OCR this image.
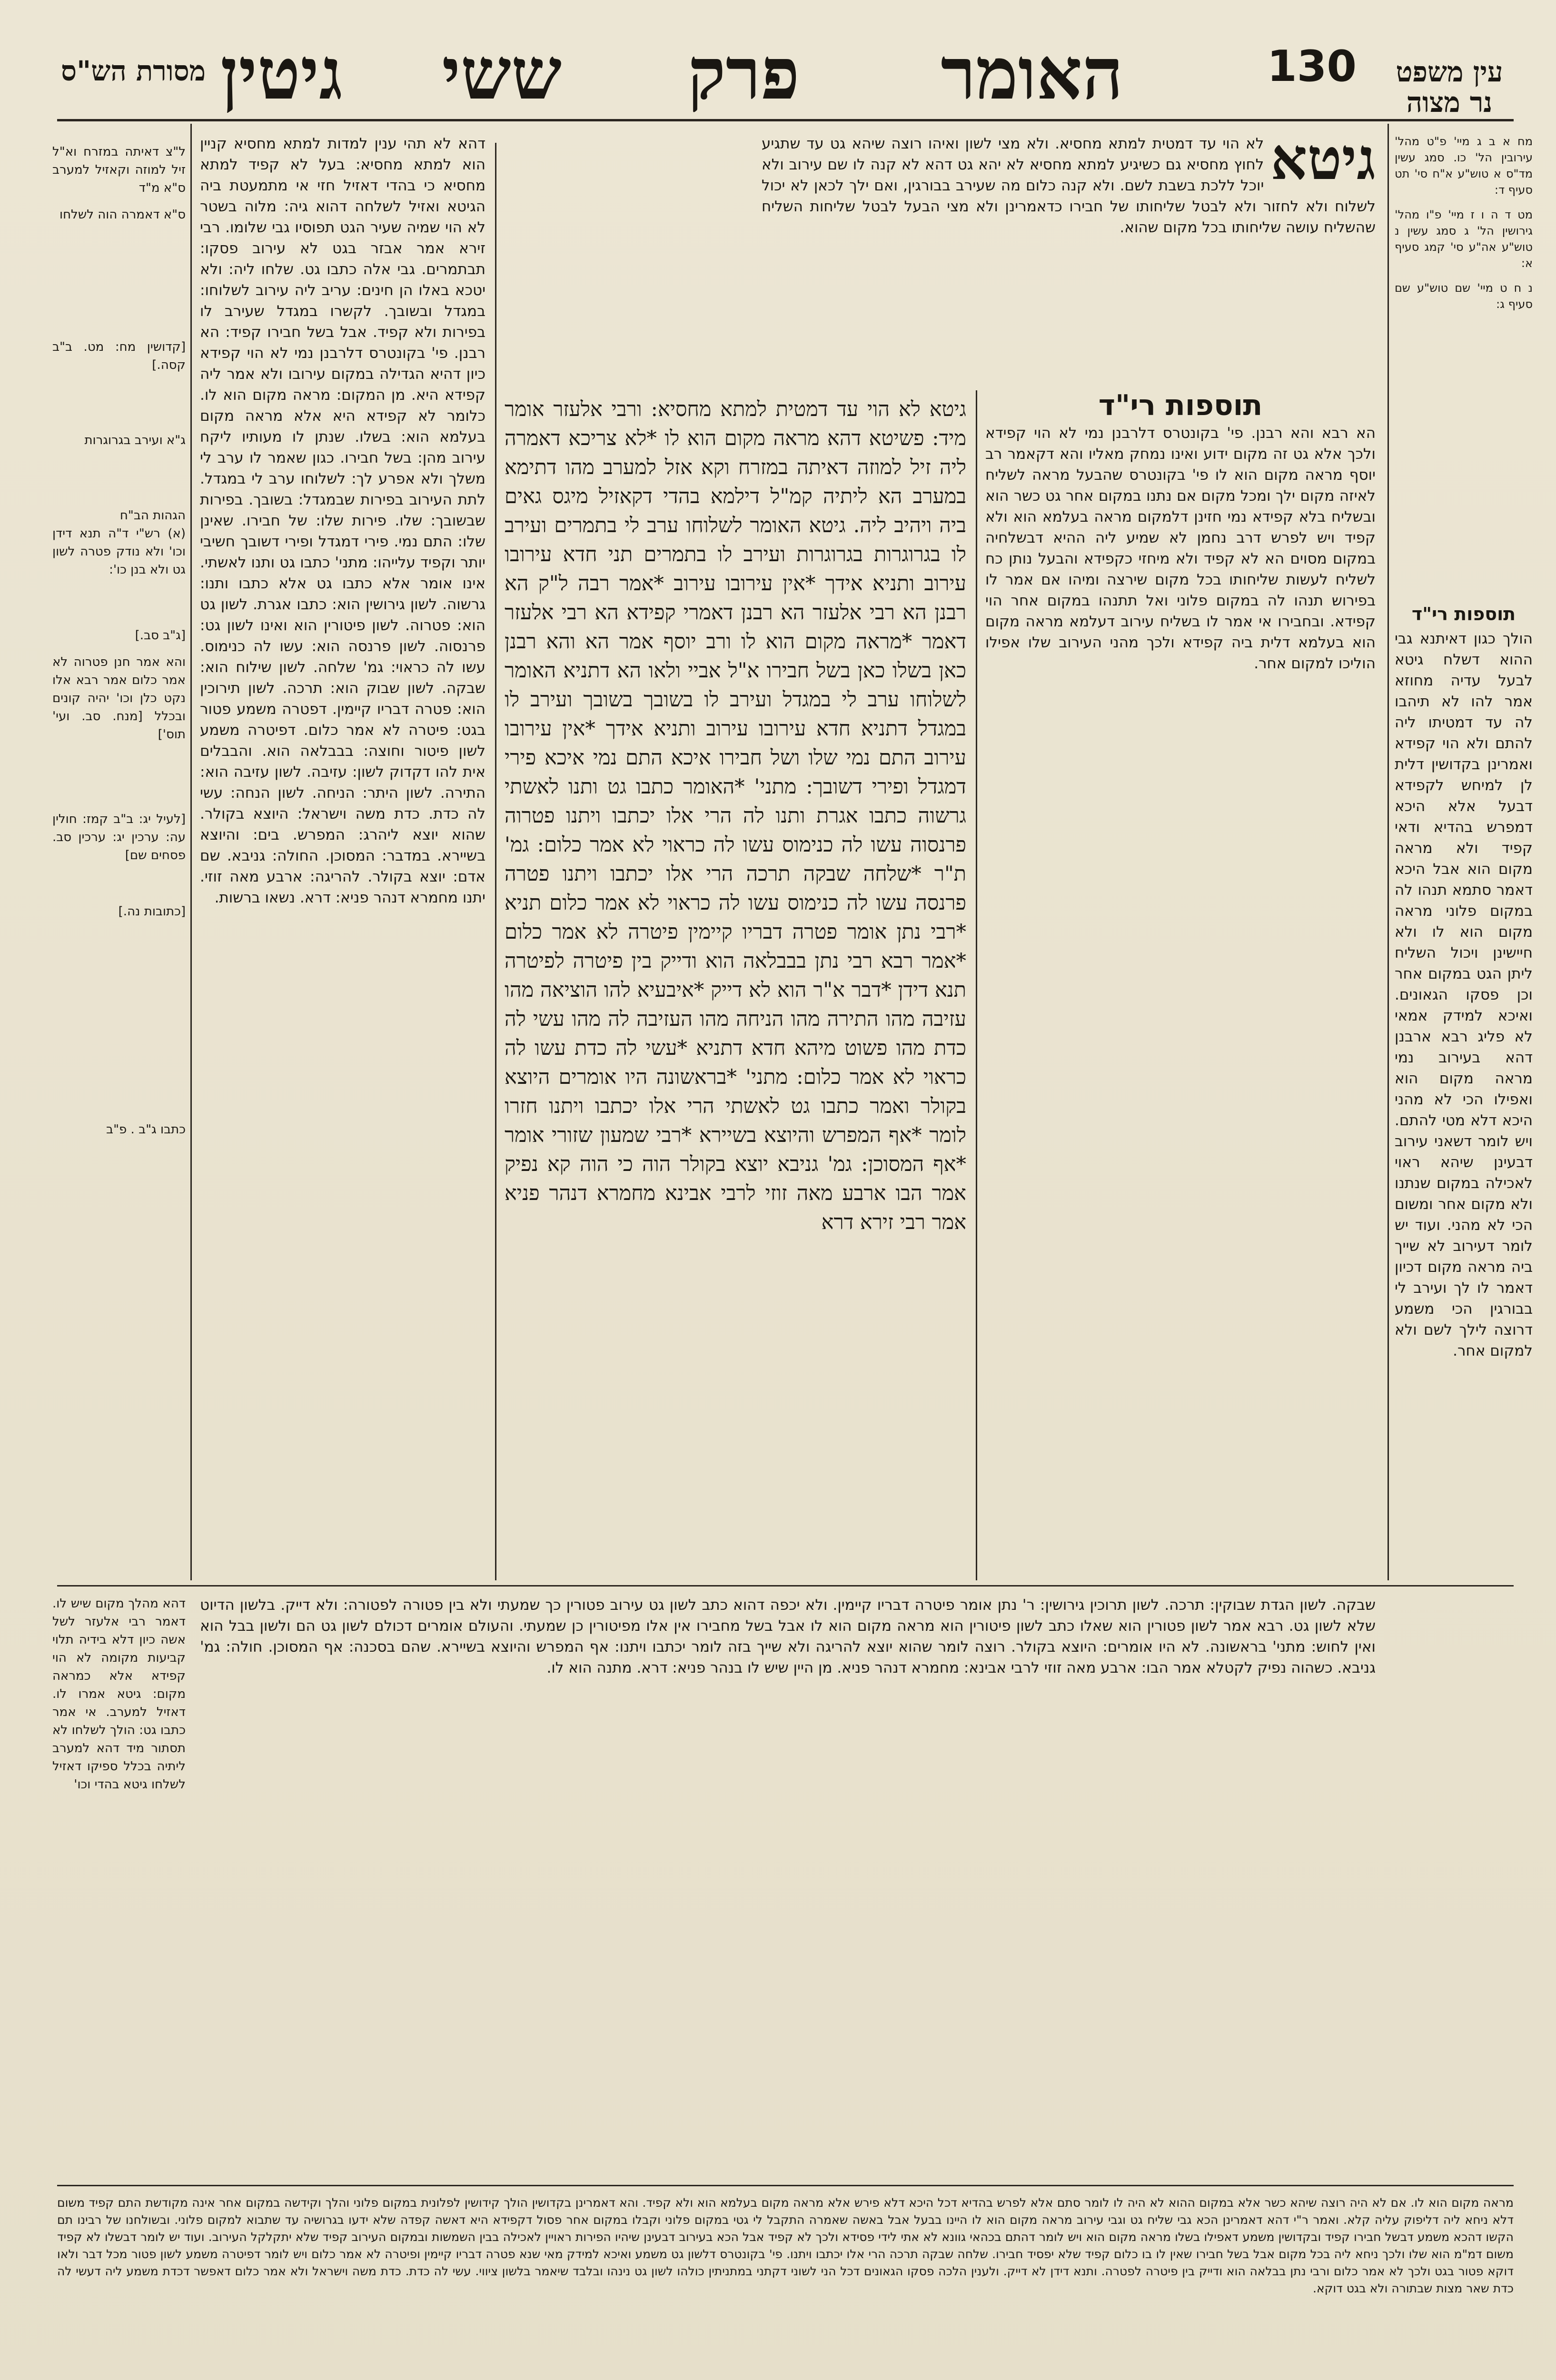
עין משפט
נר מצוה
130
האומר
פרק
ששי
גיטין
מסורת הש"ס

מח א ב ג מיי' פ"ט מהל' עירובין הל' כו. סמג עשין מד"ס א טוש"ע א"ח סי' תט סעיף ד:

מט ד ה ו ז מיי' פ"ו מהל' גירושין הל' ג סמג עשין נ טוש"ע אה"ע סי' קמג סעיף א:

נ ח ט מיי' שם טוש"ע שם סעיף ג:

תוספות רי"ד

הולך כגון דאיתנא גבי ההוא דשלח גיטא לבעל עדיה מחוזא אמר להו לא תיהבו לה עד דמטיתו ליה להתם ולא הוי קפידא ואמרינן בקדושין דלית לן למיחש לקפידא דבעל אלא היכא דמפרש בהדיא ודאי קפיד ולא מראה מקום הוא אבל היכא דאמר סתמא תנהו לה במקום פלוני מראה מקום הוא לו ולא חיישינן ויכול השליח ליתן הגט במקום אחר וכן פסקו הגאונים. ואיכא למידק אמאי לא פליג רבא ארבנן דהא בעירוב נמי מראה מקום הוא ואפילו הכי לא מהני היכא דלא מטי להתם. ויש לומר דשאני עירוב דבעינן שיהא ראוי לאכילה במקום שנתנו ולא מקום אחר ומשום הכי לא מהני. ועוד יש לומר דעירוב לא שייך ביה מראה מקום דכיון דאמר לו לך ועירב לי בבורגין הכי משמע דרוצה לילך לשם ולא למקום אחר.

גיטא
לא הוי עד דמטית למתא מחסיא. ולא מצי לשון ואיהו רוצה שיהא גט עד שתגיע לחוץ מחסיא גם כשיגיע למתא מחסיא לא יהא גט דהא לא קנה לו שם עירוב ולא יוכל ללכת בשבת לשם. ולא קנה כלום מה שעירב בבורגין, ואם ילך לכאן לא יכול לשלוח ולא לחזור ולא לבטל שליחותו של חבירו כדאמרינן ולא מצי הבעל לבטל שליחות השליח שהשליח עושה שליחותו בכל מקום שהוא.
תוספות רי"ד

הא רבא והא רבנן. פי' בקונטרס דלרבנן נמי לא הוי קפידא ולכך אלא גט זה מקום ידוע ואינו נמחק מאליו והא דקאמר רב יוסף מראה מקום הוא לו פי' בקונטרס שהבעל מראה לשליח לאיזה מקום ילך ומכל מקום אם נתנו במקום אחר גט כשר הוא ובשליח בלא קפידא נמי חזינן דלמקום מראה בעלמא הוא ולא קפיד ויש לפרש דרב נחמן לא שמיע ליה ההיא דבשלחיה במקום מסוים הא לא קפיד ולא מיחזי כקפידא והבעל נותן כח לשליח לעשות שליחותו בכל מקום שירצה ומיהו אם אמר לו בפירוש תנהו לה במקום פלוני ואל תתנהו במקום אחר הוי קפידא. ובחבירו אי אמר לו בשליח עירוב דעלמא מראה מקום הוא בעלמא דלית ביה קפידא ולכך מהני העירוב שלו אפילו הוליכו למקום אחר.

גיטא לא הוי עד דמטית למתא מחסיא: ורבי אלעזר אומר מיד: פשיטא דהא מראה מקום הוא לו *לא צריכא דאמרה ליה זיל למוזה דאיתה במזרח וקא אזל למערב מהו דתימא במערב הא ליתיה קמ"ל דילמא בהדי דקאזיל מיגס גאים ביה ויהיב ליה. גיטא האומר לשלוחו ערב לי בתמרים ועירב לו בגרוגרות בגרוגרות ועירב לו בתמרים תני חדא עירובו עירוב ותניא אידך *אין עירובו עירוב *אמר רבה ל"ק הא רבנן הא רבי אלעזר הא רבנן דאמרי קפידא הא רבי אלעזר דאמר *מראה מקום הוא לו ורב יוסף אמר הא והא רבנן כאן בשלו כאן בשל חבירו א"ל אביי ולאו הא דתניא האומר לשלוחו ערב לי במגדל ועירב לו בשובך בשובך ועירב לו במגדל דתניא חדא עירובו עירוב ותניא אידך *אין עירובו עירוב התם נמי שלו ושל חבירו איכא התם נמי איכא פירי דמגדל ופירי דשובך: מתני' *האומר כתבו גט ותנו לאשתי גרשוה כתבו אגרת ותנו לה הרי אלו יכתבו ויתנו פטרוה פרנסוה עשו לה כנימוס עשו לה כראוי לא אמר כלום: גמ' ת"ר *שלחה שבקה תרכה הרי אלו יכתבו ויתנו פטרה פרנסה עשו לה כנימוס עשו לה כראוי לא אמר כלום תניא *רבי נתן אומר פטרה דבריו קיימין פיטרה לא אמר כלום *אמר רבא רבי נתן בבבלאה הוא ודייק בין פיטרה לפיטרה תנא דידן *דבר א"ר הוא לא דייק *איבעיא להו הוציאה מהו עזיבה מהו התירה מהו הניחה מהו העזיבה לה מהו עשי לה כדת מהו פשוט מיהא חדא דתניא *עשי לה כדת עשו לה כראוי לא אמר כלום: מתני' *בראשונה היו אומרים היוצא בקולר ואמר כתבו גט לאשתי הרי אלו יכתבו ויתנו חזרו לומר *אף המפרש והיוצא בשיירא *רבי שמעון שזורי אומר *אף המסוכן: גמ' גניבא יוצא בקולר הוה כי הוה קא נפיק אמר הבו ארבע מאה זוזי לרבי אבינא מחמרא דנהר פניא אמר רבי זירא דרא

דהא לא תהי ענין למדות למתא מחסיא קניין הוא למתא מחסיא: בעל לא קפיד למתא מחסיא כי בהדי דאזיל חזי אי מתמעטת ביה הגיטא ואזיל לשלחה דהוא גיה: מלוה בשטר לא הוי שמיה שעיר הגט תפוסיו גבי שלומו. רבי זירא אמר אבזר בגט לא עירוב פסקו: תבתמרים. גבי אלה כתבו גט. שלחו ליה: ולא יטכא באלו הן חינים: עריב ליה עירוב לשלוחו: במגדל ובשובך. לקשרו במגדל שעירב לו בפירות ולא קפיד. אבל בשל חבירו קפיד: הא רבנן. פי' בקונטרס דלרבנן נמי לא הוי קפידא כיון דהיא הגדילה במקום עירובו ולא אמר ליה קפידא היא. מן המקום: מראה מקום הוא לו. כלומר לא קפידא היא אלא מראה מקום בעלמא הוא: בשלו. שנתן לו מעותיו ליקח עירוב מהן: בשל חבירו. כגון שאמר לו ערב לי משלך ולא אפרע לך: לשלוחו ערב לי במגדל. לתת העירוב בפירות שבמגדל: בשובך. בפירות שבשובך: שלו. פירות שלו: של חבירו. שאינן שלו: התם נמי. פירי דמגדל ופירי דשובך חשיבי יותר וקפיד עלייהו: מתני' כתבו גט ותנו לאשתי. אינו אומר אלא כתבו גט אלא כתבו ותנו: גרשוה. לשון גירושין הוא: כתבו אגרת. לשון גט הוא: פטרוה. לשון פיטורין הוא ואינו לשון גט: פרנסוה. לשון פרנסה הוא: עשו לה כנימוס. עשו לה כראוי: גמ' שלחה. לשון שילוח הוא: שבקה. לשון שבוק הוא: תרכה. לשון תירוכין הוא: פטרה דבריו קיימין. דפטרה משמע פטור בגט: פיטרה לא אמר כלום. דפיטרה משמע לשון פיטור וחוצה: בבבלאה הוא. והבבלים אית להו דקדוק לשון: עזיבה. לשון עזיבה הוא: התירה. לשון היתר: הניחה. לשון הנחה: עשי לה כדת. כדת משה וישראל: היוצא בקולר. שהוא יוצא ליהרג: המפרש. בים: והיוצא בשיירא. במדבר: המסוכן. החולה: גניבא. שם אדם: יוצא בקולר. להריגה: ארבע מאה זוזי. יתנו מחמרא דנהר פניא: דרא. נשאו ברשות.

ל"צ דאיתה במזרח וא"ל זיל למוזה וקאזיל למערב ס"א מ"ד

ס"א דאמרה הוה לשלחו

[קדושין מח: מט. ב"ב קסה.]

ג"א ועירב בגרוגרות

הגהות הב"ח
(א) רש"י ד"ה תנא דידן וכו' ולא נודק פטרה לשון גט ולא בנן כו':

[ג"ב סב.]

והא אמר חנן פטרוה לא אמר כלום אמר רבא אלו נקט כלן וכו' יהיה קונים ובכלל [מנח. סב. ועי' תוס']

[לעיל יג: ב"ב קמז: חולין עה: ערכין יג: ערכין סב. פסחים שם]

[כתובות נה.]

כתבו ג"ב . פ"ב

שבקה. לשון הגדת שבוקין: תרכה. לשון תרוכין גירושין: ר' נתן אומר פיטרה דבריו קיימין. ולא יכפה דהוא כתב לשון גט עירוב פטורין כך שמעתי ולא בין פטורה לפטורה: ולא דייק. בלשון הדיוט שלא לשון גט. רבא אמר לשון פטורין הוא שאלו כתב לשון פיטורין הוא מראה מקום הוא לו אבל בשל מחבירו אין אלו מפיטורין כן שמעתי. והעולם אומרים דכולם לשון גט הם ולשון בבל הוא ואין לחוש: מתני' בראשונה. לא היו אומרים: היוצא בקולר. רוצה לומר שהוא יוצא להריגה ולא שייך בזה לומר יכתבו ויתנו: אף המפרש והיוצא בשיירא. שהם בסכנה: אף המסוכן. חולה: גמ' גניבא. כשהוה נפיק לקטלא אמר הבו: ארבע מאה זוזי לרבי אבינא: מחמרא דנהר פניא. מן היין שיש לו בנהר פניא: דרא. מתנה הוא לו.

דהא מהלך מקום שיש לו. דאמר רבי אלעזר לשל אשה כיון דלא בידיה תלוי קביעות מקומה לא הוי קפידא אלא כמראה מקום: גיטא אמרו לו. דאזיל למערב. אי אמר כתבו גט: הולך לשלחו לא תסתור מיד דהא למערב ליתיה בכלל ספיקו דאזיל לשלחו גיטא בהדי וכו'

מראה מקום הוא לו. אם לא היה רוצה שיהא כשר אלא במקום ההוא לא היה לו לומר סתם אלא לפרש בהדיא דכל היכא דלא פירש אלא מראה מקום בעלמא הוא ולא קפיד. והא דאמרינן בקדושין הולך קידושין לפלונית במקום פלוני והלך וקידשה במקום אחר אינה מקודשת התם קפיד משום דלא ניחא ליה דליפוק עליה קלא. ואמר ר"י דהא דאמרינן הכא גבי שליח גט וגבי עירוב מראה מקום הוא לו היינו בבעל אבל באשה שאמרה התקבל לי גטי במקום פלוני וקבלו במקום אחר פסול דקפידא היא דאשה קפדה שלא ידעו בגרושיה עד שתבוא למקום פלוני. ובשולחנו של רבינו תם הקשו דהכא משמע דבשל חבירו קפיד ובקדושין משמע דאפילו בשלו מראה מקום הוא ויש לומר דהתם בכהאי גוונא לא אתי לידי פסידא ולכך לא קפיד אבל הכא בעירוב דבעינן שיהיו הפירות ראויין לאכילה בבין השמשות ובמקום העירוב קפיד שלא יתקלקל העירוב. ועוד יש לומר דבשלו לא קפיד משום דמ"מ הוא שלו ולכך ניחא ליה בכל מקום אבל בשל חבירו שאין לו בו כלום קפיד שלא יפסיד חבירו. שלחה שבקה תרכה הרי אלו יכתבו ויתנו. פי' בקונטרס דלשון גט משמע ואיכא למידק מאי שנא פטרה דבריו קיימין ופיטרה לא אמר כלום ויש לומר דפיטרה משמע לשון פטור מכל דבר ולאו דוקא פטור בגט ולכך לא אמר כלום ורבי נתן בבלאה הוא ודייק בין פיטרה לפטרה. ותנא דידן לא דייק. ולענין הלכה פסקו הגאונים דכל הני לשוני דקתני במתניתין כולהו לשון גט נינהו ובלבד שיאמר בלשון ציווי. עשי לה כדת. כדת משה וישראל ולא אמר כלום דאפשר דכדת משמע ליה דעשי לה כדת שאר מצות שבתורה ולא בגט דוקא.
